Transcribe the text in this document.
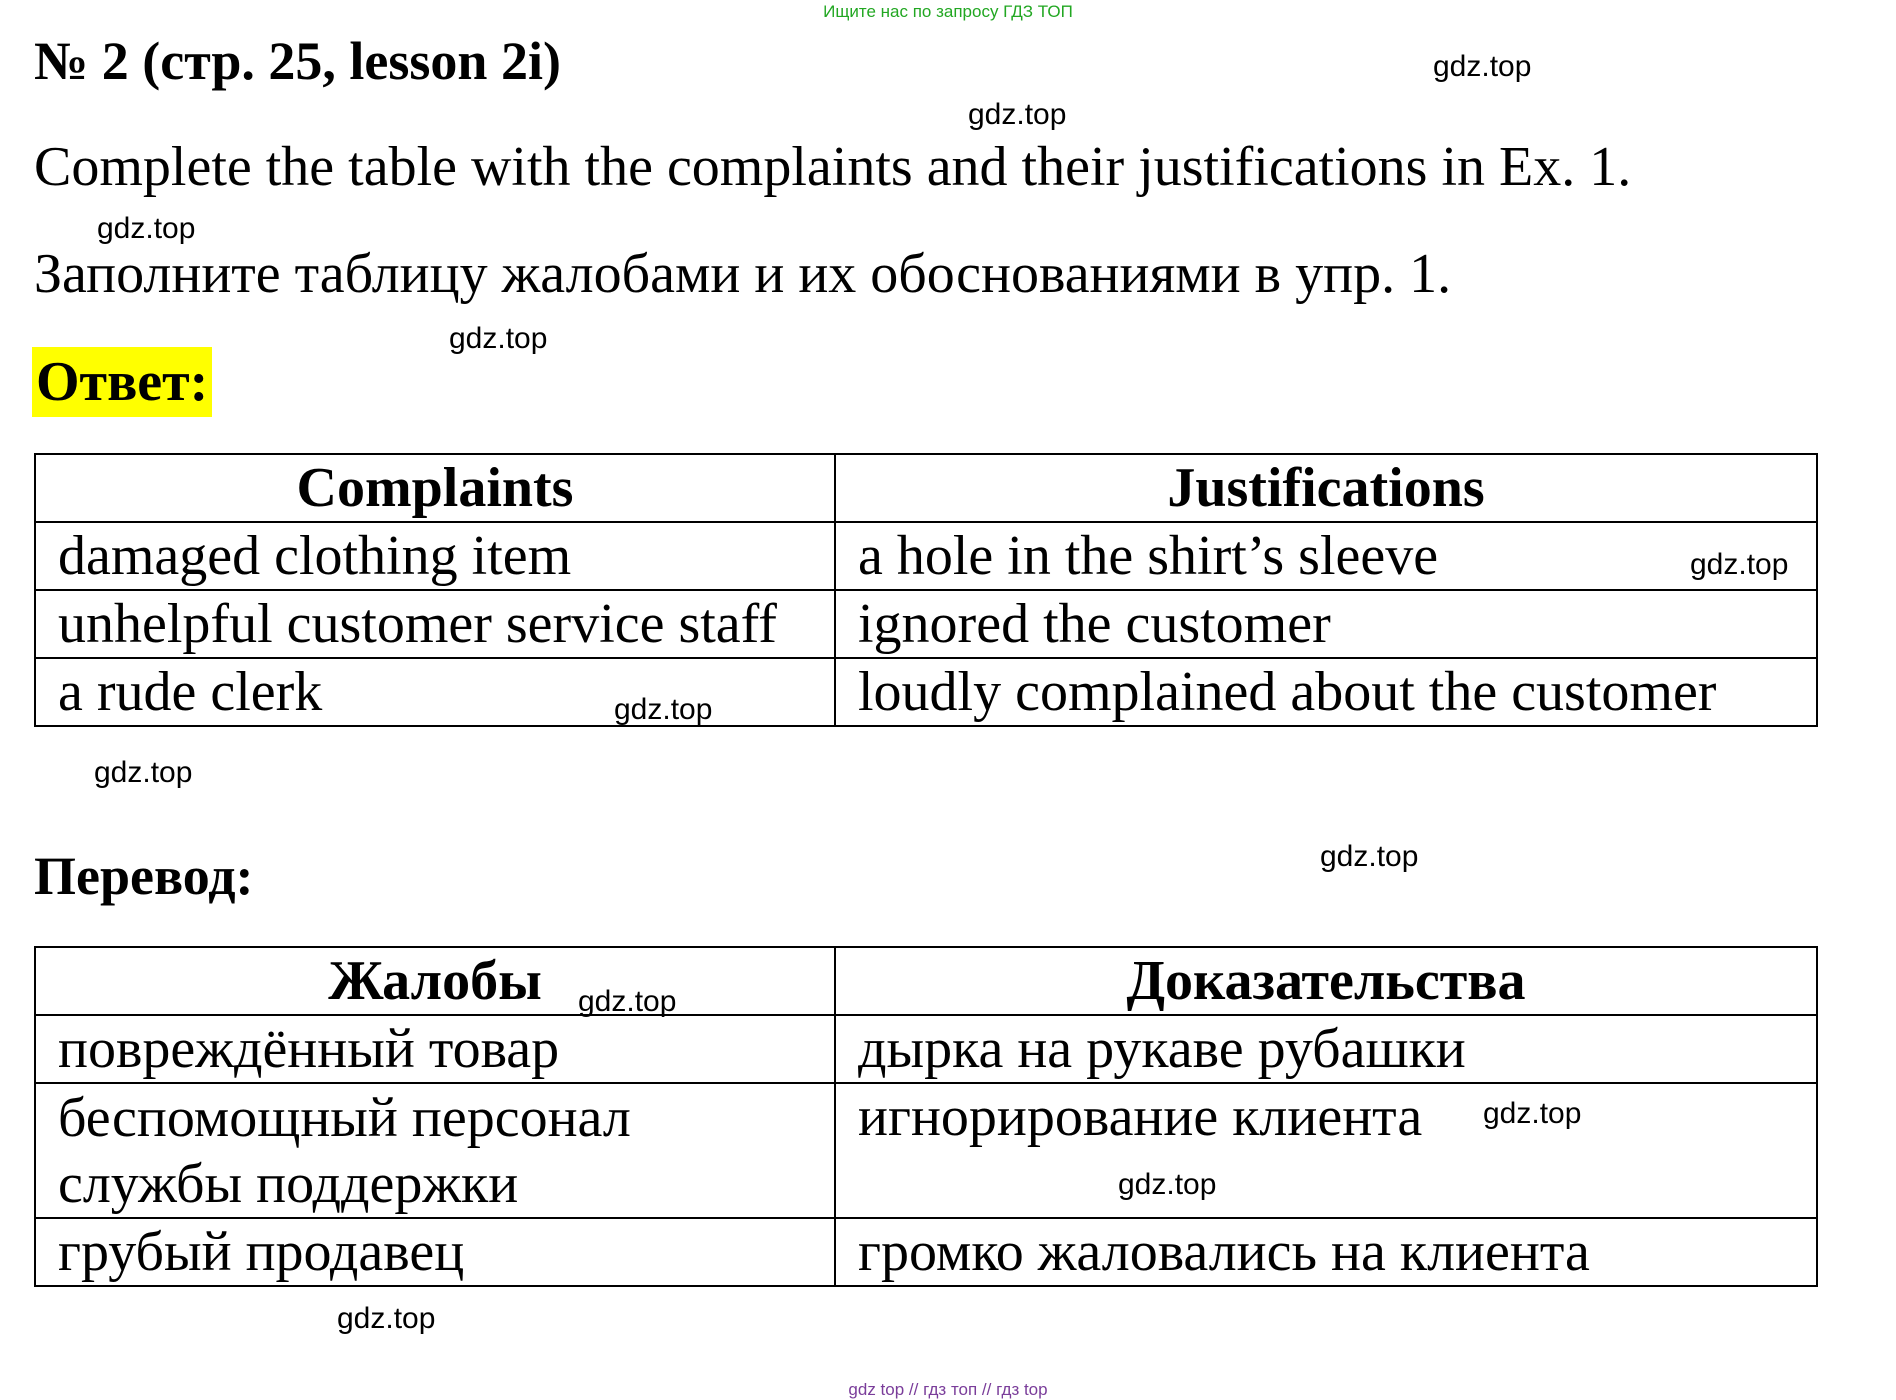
Ищите нас по запросу ГДЗ ТОП
№ 2 (стр. 25, lesson 2i)
Complete the table with the complaints and their justifications in Ex. 1.
Заполните таблицу жалобами и их обоснованиями в упр. 1.
Ответ:
Complaints	Justifications
damaged clothing item	a hole in the shirt’s sleeve
unhelpful customer service staff	ignored the customer
a rude clerk	loudly complained about the customer
Перевод:
Жалобы	Доказательства
повреждённый товар	дырка на рукаве рубашки
беспомощный персонал службы поддержки	игнорирование клиента
грубый продавец	громко жаловались на клиента
gdz.top
gdz.top
gdz.top
gdz.top
gdz.top
gdz.top
gdz.top
gdz.top
gdz.top
gdz.top
gdz.top
gdz.top
gdz top // гдз топ // гдз top
